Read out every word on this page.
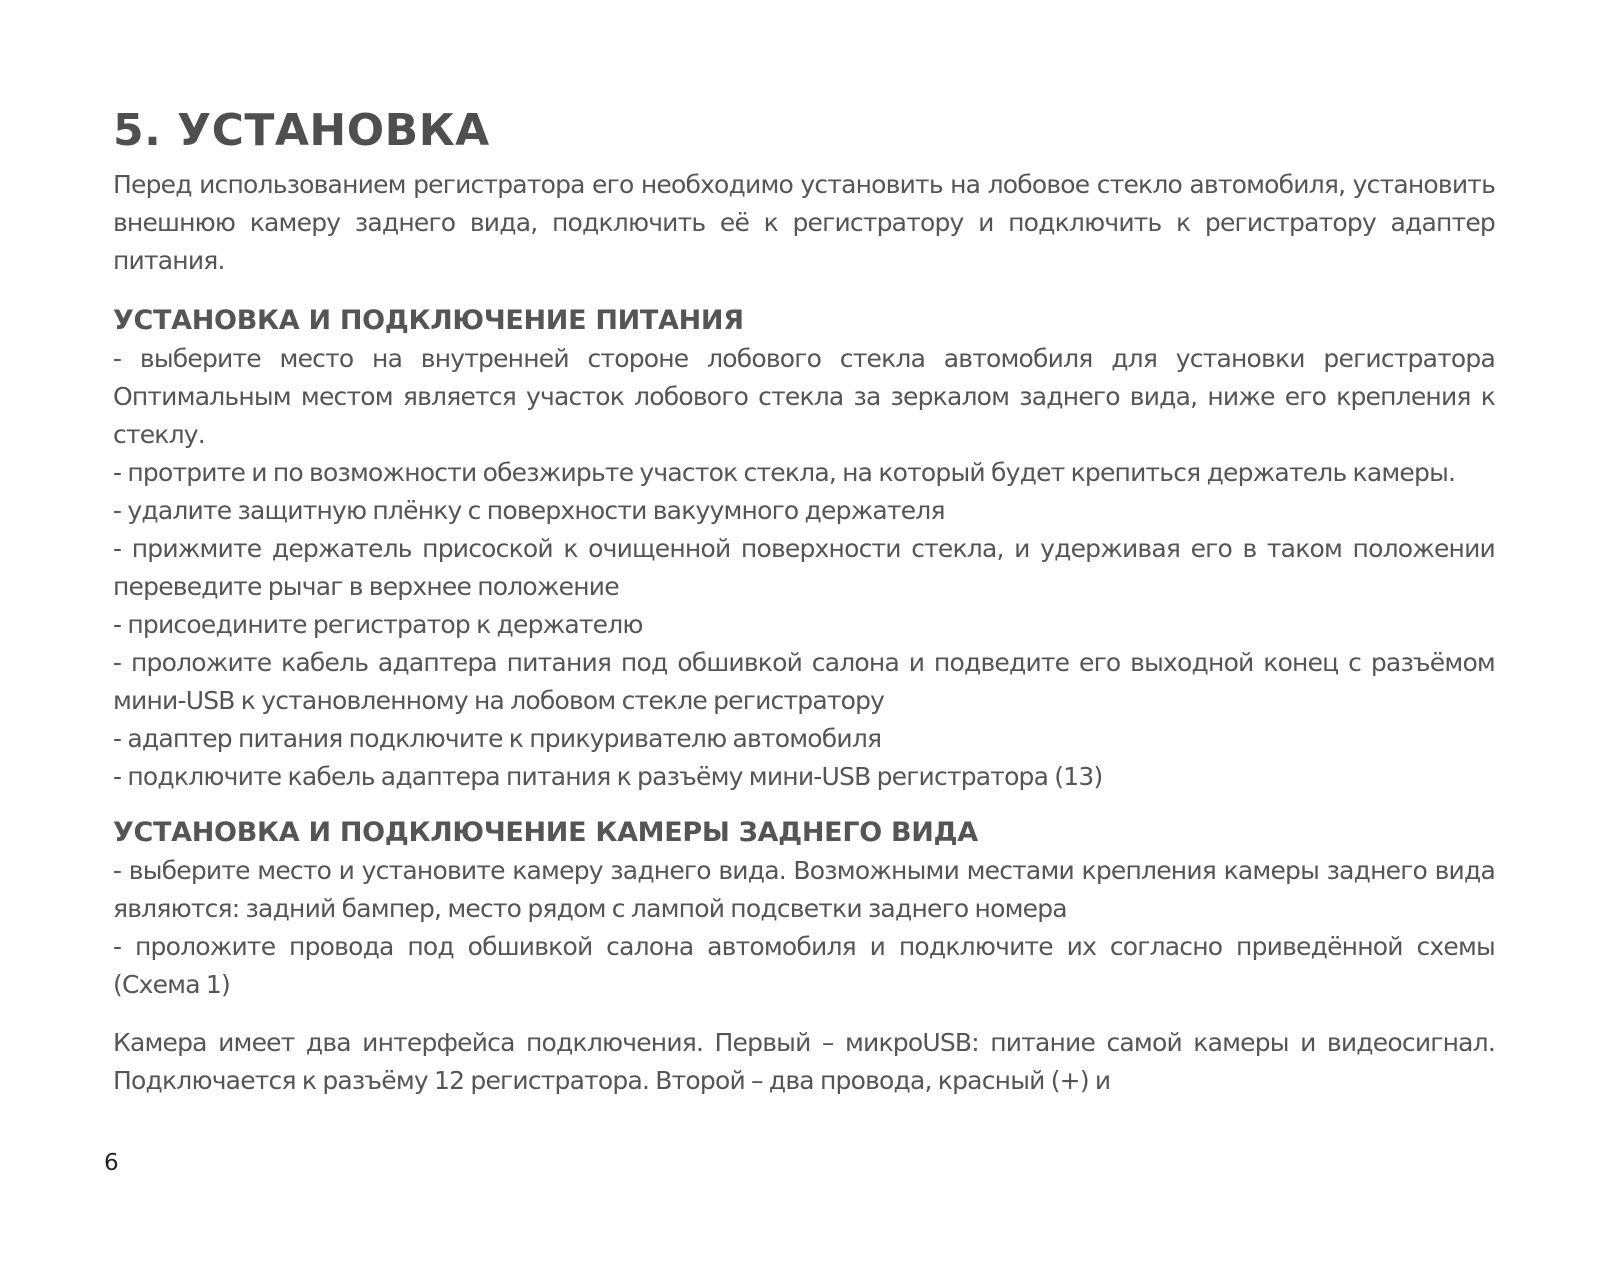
5. УСТАНОВКА

Перед использованием регистратора его необходимо установить на лобовое стекло автомобиля, установить внешнюю камеру заднего вида, подключить её к регистратору и подключить к регистратору адаптер питания.

УСТАНОВКА И ПОДКЛЮЧЕНИЕ ПИТАНИЯ

- выберите место на внутренней стороне лобового стекла автомобиля для установки регистратора Оптимальным местом является участок лобового стекла за зеркалом заднего вида, ниже его крепления к стеклу.

- протрите и по возможности обезжирьте участок стекла, на который будет крепиться держатель камеры.

- удалите защитную плёнку с поверхности вакуумного держателя

- прижмите держатель присоской к очищенной поверхности стекла, и удерживая его в таком положении переведите рычаг в верхнее положение

- присоедините регистратор к держателю

- проложите кабель адаптера питания под обшивкой салона и подведите его выходной конец с разъёмом мини-USB к установленному на лобовом стекле регистратору

- адаптер питания подключите к прикуривателю автомобиля

- подключите кабель адаптера питания к разъёму мини-USB регистратора (13)

УСТАНОВКА И ПОДКЛЮЧЕНИЕ КАМЕРЫ ЗАДНЕГО ВИДА

- выберите место и установите камеру заднего вида. Возможными местами крепления камеры заднего вида являются: задний бампер, место рядом с лампой подсветки заднего номера

- проложите провода под обшивкой салона автомобиля и подключите их согласно приведённой схемы (Схема 1)

Камера имеет два интерфейса подключения. Первый – микроUSB: питание самой камеры и видеосигнал. Подключается к разъёму 12 регистратора. Второй – два провода, красный (+) и

6
